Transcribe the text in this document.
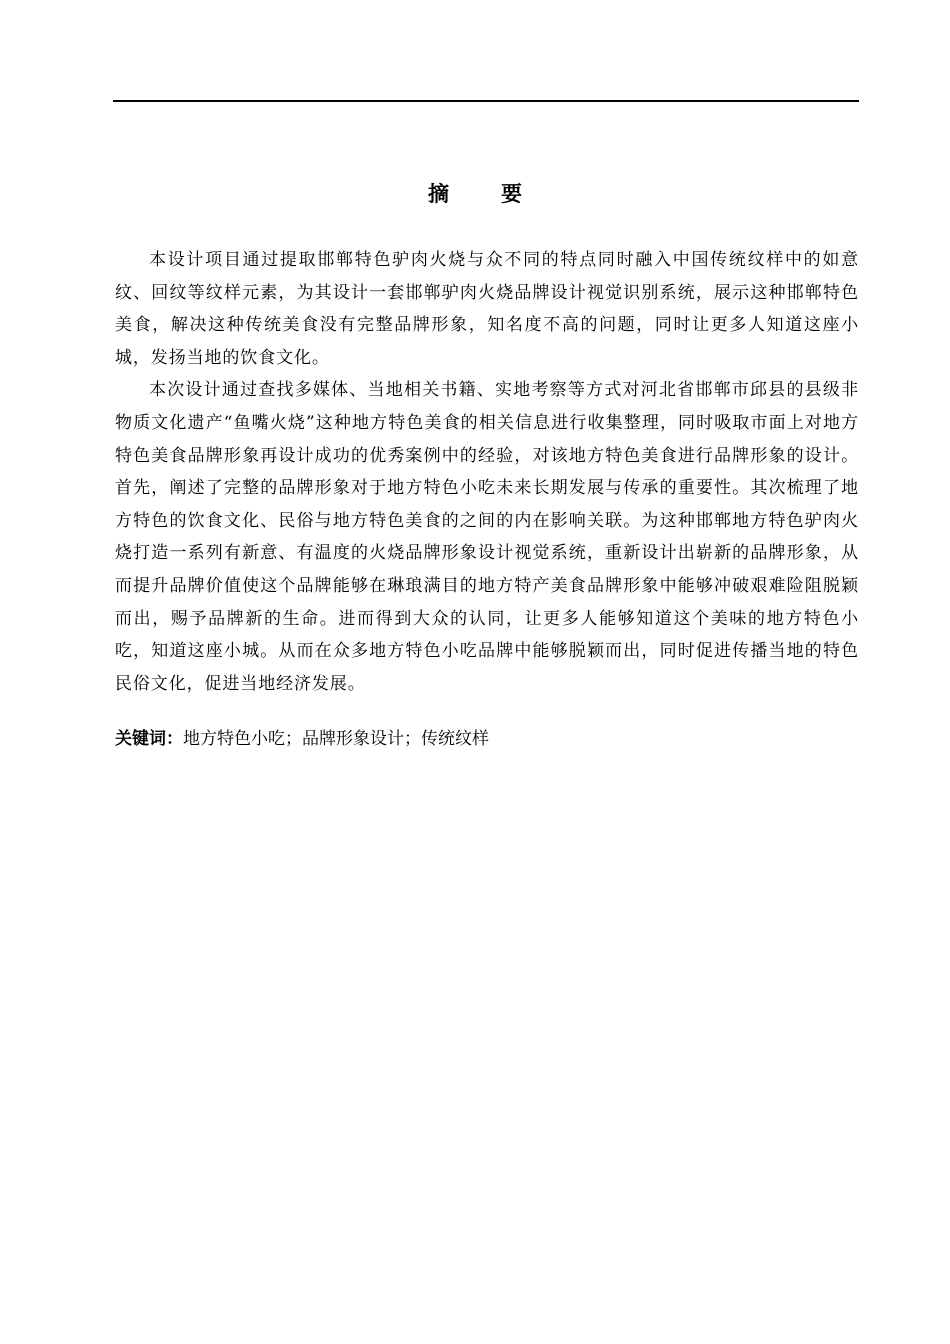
摘 要

本设计项目通过提取邯郸特色驴肉火烧与众不同的特点同时融入中国传统纹样中的如意纹、回纹等纹样元素，为其设计一套邯郸驴肉火烧品牌设计视觉识别系统，展示这种邯郸特色美食，解决这种传统美食没有完整品牌形象，知名度不高的问题，同时让更多人知道这座小城，发扬当地的饮食文化。

本次设计通过查找多媒体、当地相关书籍、实地考察等方式对河北省邯郸市邱县的县级非物质文化遗产“鱼嘴火烧”这种地方特色美食的相关信息进行收集整理，同时吸取市面上对地方特色美食品牌形象再设计成功的优秀案例中的经验，对该地方特色美食进行品牌形象的设计。首先，阐述了完整的品牌形象对于地方特色小吃未来长期发展与传承的重要性。其次梳理了地方特色的饮食文化、民俗与地方特色美食的之间的内在影响关联。为这种邯郸地方特色驴肉火烧打造一系列有新意、有温度的火烧品牌形象设计视觉系统，重新设计出崭新的品牌形象，从而提升品牌价值使这个品牌能够在琳琅满目的地方特产美食品牌形象中能够冲破艰难险阻脱颖而出，赐予品牌新的生命。进而得到大众的认同，让更多人能够知道这个美味的地方特色小吃，知道这座小城。从而在众多地方特色小吃品牌中能够脱颖而出，同时促进传播当地的特色民俗文化，促进当地经济发展。

关键词：地方特色小吃；品牌形象设计；传统纹样
